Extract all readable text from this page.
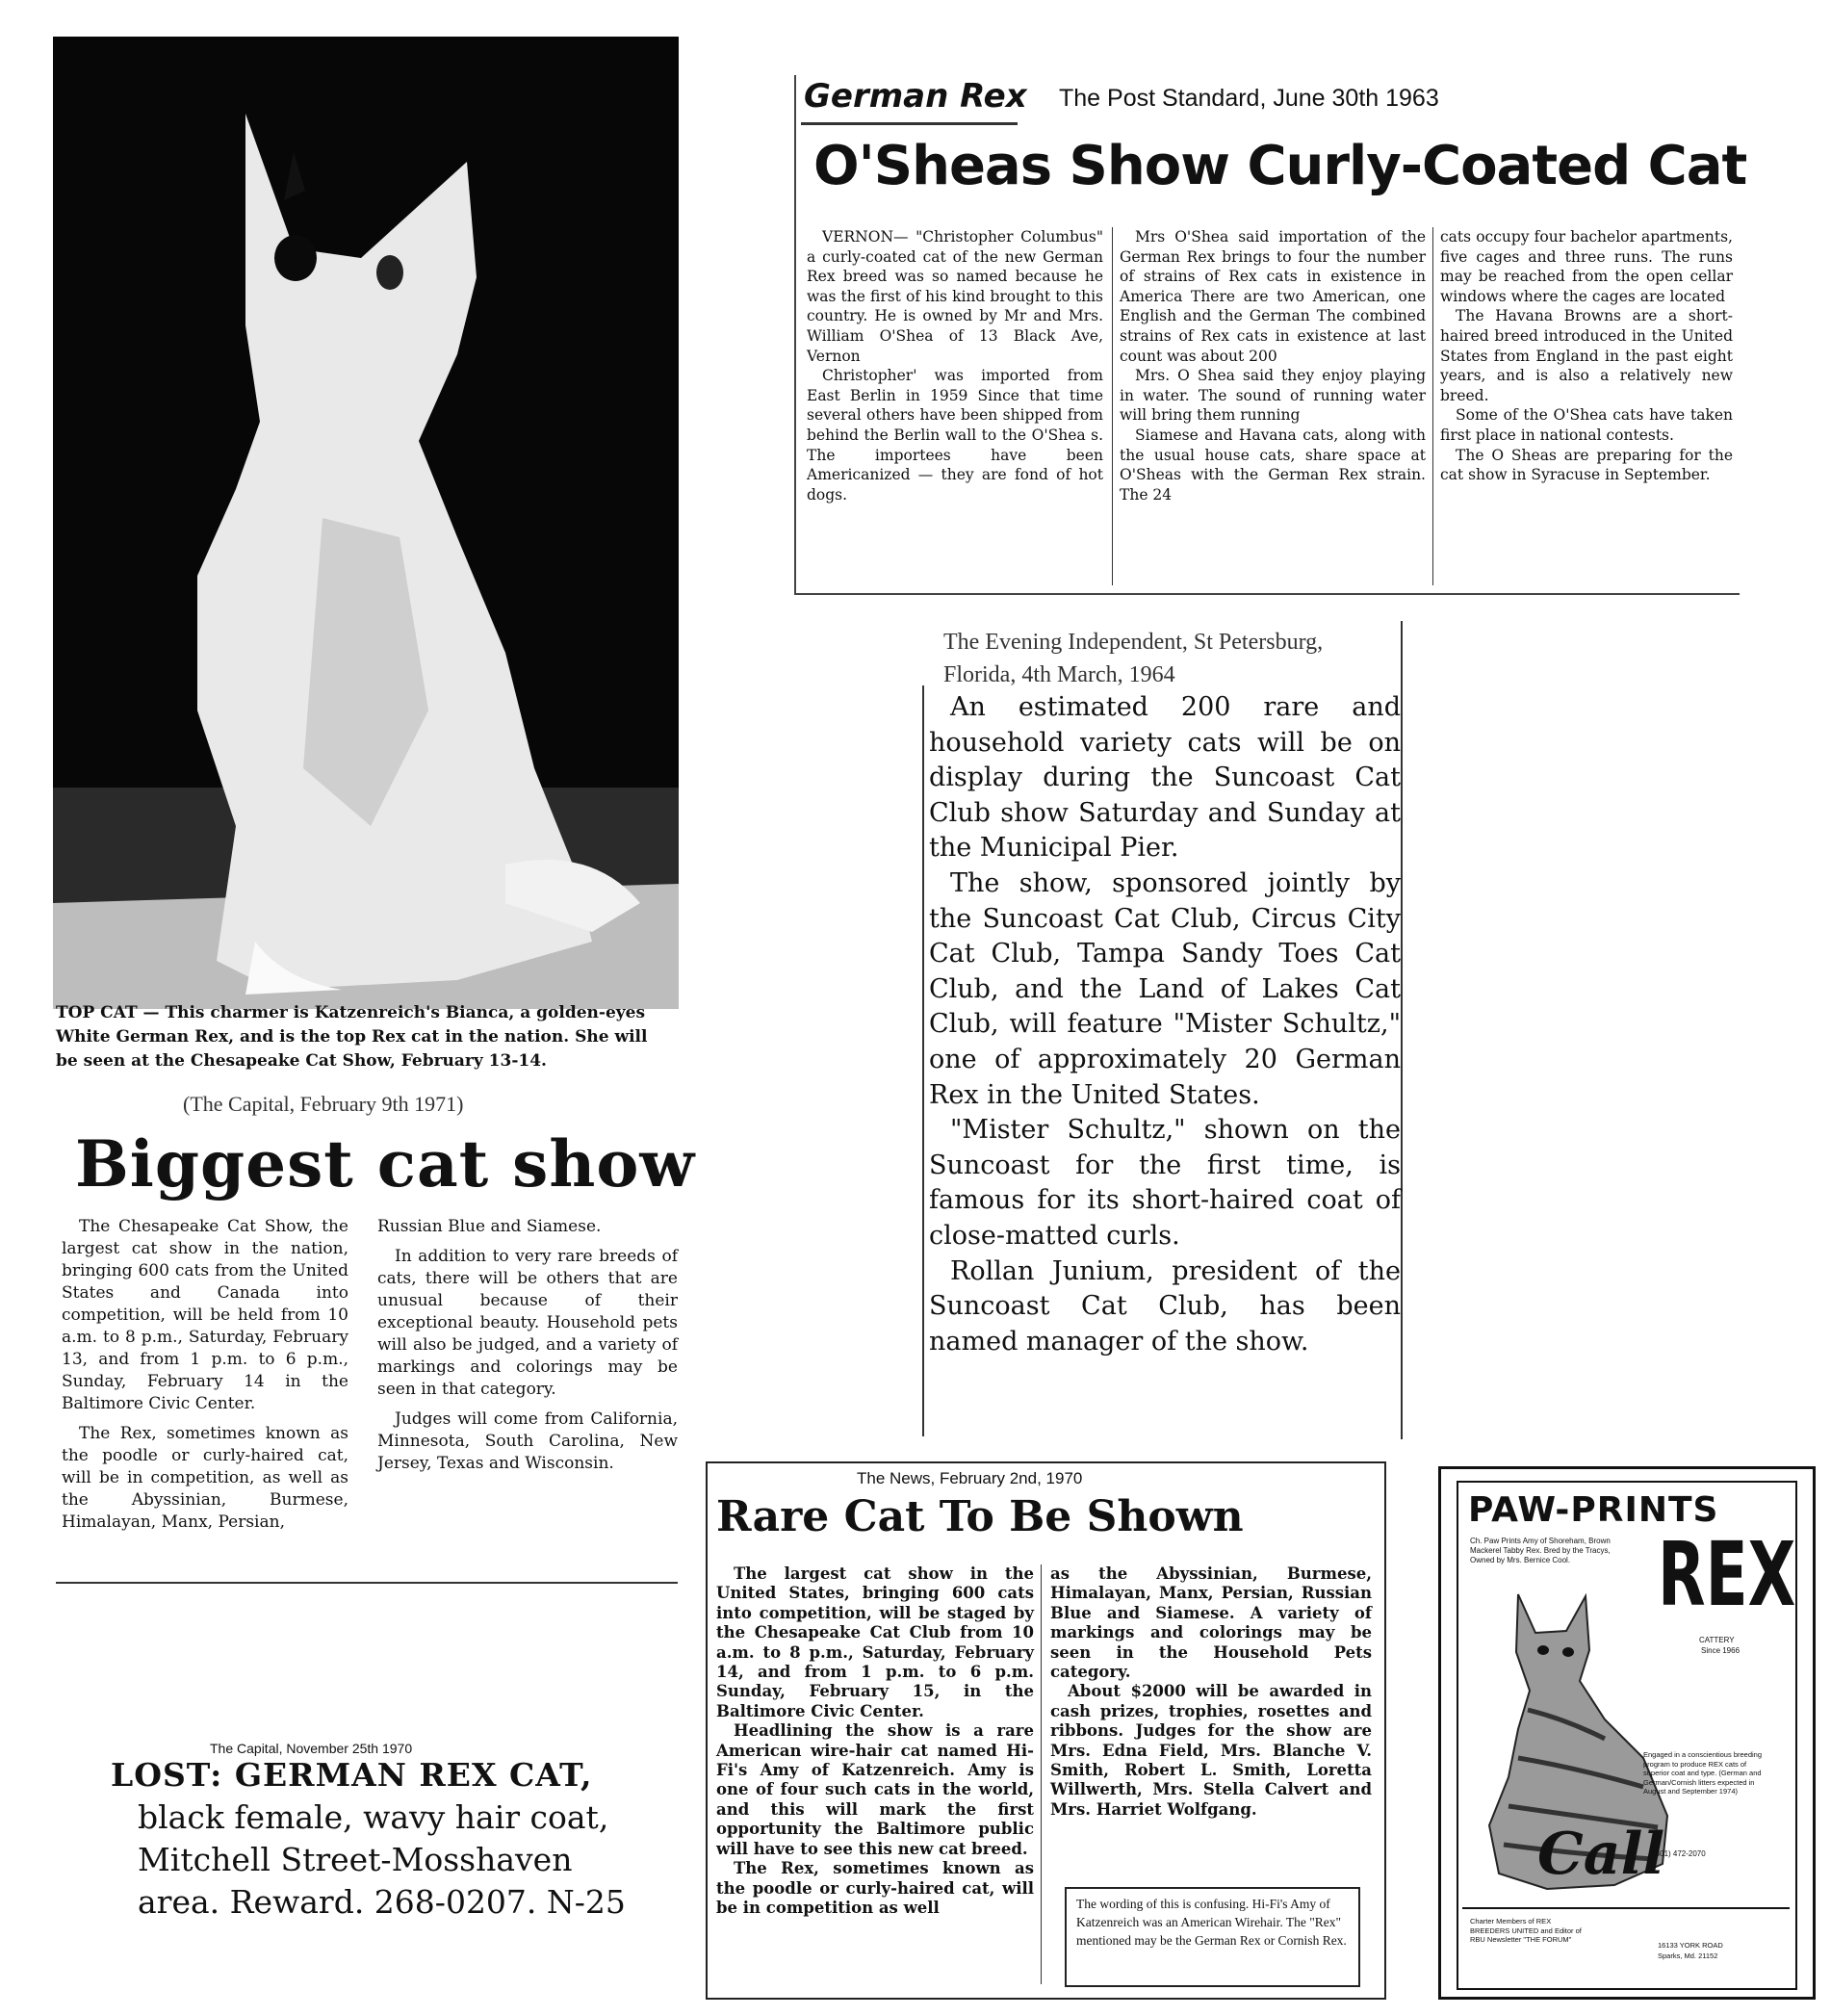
TOP CAT — This charmer is Katzenreich's Bianca, a golden-eyes White German Rex, and is the top Rex cat in the nation. She will be seen at the Chesapeake Cat Show, February 13-14.
(The Capital, February 9th 1971)
Biggest cat show

The Chesapeake Cat Show, the largest cat show in the nation, bringing 600 cats from the United States and Canada into competition, will be held from 10 a.m. to 8 p.m., Saturday, February 13, and from 1 p.m. to 6 p.m., Sunday, February 14 in the Baltimore Civic Center.

The Rex, sometimes known as the poodle or curly-haired cat, will be in competition, as well as the Abyssinian, Burmese, Himalayan, Manx, Persian,

Russian Blue and Siamese.

In addition to very rare breeds of cats, there will be others that are unusual because of their exceptional beauty. Household pets will also be judged, and a variety of markings and colorings may be seen in that category.

Judges will come from California, Minnesota, South Carolina, New Jersey, Texas and Wisconsin.

The Capital, November 25th 1970
LOST: GERMAN REX CAT,
black female, wavy hair coat,
Mitchell Street-Mosshaven
area. Reward. 268-0207. N-25
German Rex The Post Standard, June 30th 1963
O'Sheas Show Curly-Coated Cat

VERNON— "Christopher Columbus" a curly-coated cat of the new German Rex breed was so named because he was the first of his kind brought to this country. He is owned by Mr and Mrs. William O'Shea of 13 Black Ave, Vernon

Christopher' was imported from East Berlin in 1959 Since that time several others have been shipped from behind the Berlin wall to the O'Shea s. The importees have been Americanized — they are fond of hot dogs.

Mrs O'Shea said importation of the German Rex brings to four the number of strains of Rex cats in existence in America There are two American, one English and the German The combined strains of Rex cats in existence at last count was about 200

Mrs. O Shea said they enjoy playing in water. The sound of running water will bring them running

Siamese and Havana cats, along with the usual house cats, share space at O'Sheas with the German Rex strain. The 24

cats occupy four bachelor apartments, five cages and three runs. The runs may be reached from the open cellar windows where the cages are located

The Havana Browns are a short-haired breed introduced in the United States from England in the past eight years, and is also a relatively new breed.

Some of the O'Shea cats have taken first place in national contests.

The O Sheas are preparing for the cat show in Syracuse in September.

The Evening Independent, St Petersburg, Florida, 4th March, 1964

An estimated 200 rare and household variety cats will be on display during the Suncoast Cat Club show Saturday and Sunday at the Municipal Pier.

The show, sponsored jointly by the Suncoast Cat Club, Circus City Cat Club, Tampa Sandy Toes Cat Club, and the Land of Lakes Cat Club, will feature "Mister Schultz," one of approximately 20 German Rex in the United States.

"Mister Schultz," shown on the Suncoast for the first time, is famous for its short-haired coat of close-matted curls.

Rollan Junium, president of the Suncoast Cat Club, has been named manager of the show.

The News, February 2nd, 1970
Rare Cat To Be Shown

The largest cat show in the United States, bringing 600 cats into competition, will be staged by the Chesapeake Cat Club from 10 a.m. to 8 p.m., Saturday, February 14, and from 1 p.m. to 6 p.m. Sunday, February 15, in the Baltimore Civic Center.

Headlining the show is a rare American wire-hair cat named Hi-Fi's Amy of Katzenreich. Amy is one of four such cats in the world, and this will mark the first opportunity the Baltimore public will have to see this new cat breed.

The Rex, sometimes known as the poodle or curly-haired cat, will be in competition as well

as the Abyssinian, Burmese, Himalayan, Manx, Persian, Russian Blue and Siamese. A variety of markings and colorings may be seen in the Household Pets category.

About $2000 will be awarded in cash prizes, trophies, rosettes and ribbons. Judges for the show are Mrs. Edna Field, Mrs. Blanche V. Smith, Robert L. Smith, Loretta Willwerth, Mrs. Stella Calvert and Mrs. Harriet Wolfgang.

The wording of this is confusing. Hi-Fi's Amy of Katzenreich was an American Wirehair. The "Rex" mentioned may be the German Rex or Cornish Rex.
PAW-PRINTS
REX
Ch. Paw Prints Amy of Shoreham, Brown Mackerel Tabby Rex. Bred by the Tracys, Owned by Mrs. Bernice Cool.
CATTERY
Since 1966
Engaged in a conscientious breeding program to produce REX cats of superior coat and type. (German and German/Cornish litters expected in August and September 1974)
Call
(301) 472-2070
Charter Members of REX BREEDERS UNITED and Editor of RBU Newsletter "THE FORUM"
16133 YORK ROAD
Sparks, Md. 21152
